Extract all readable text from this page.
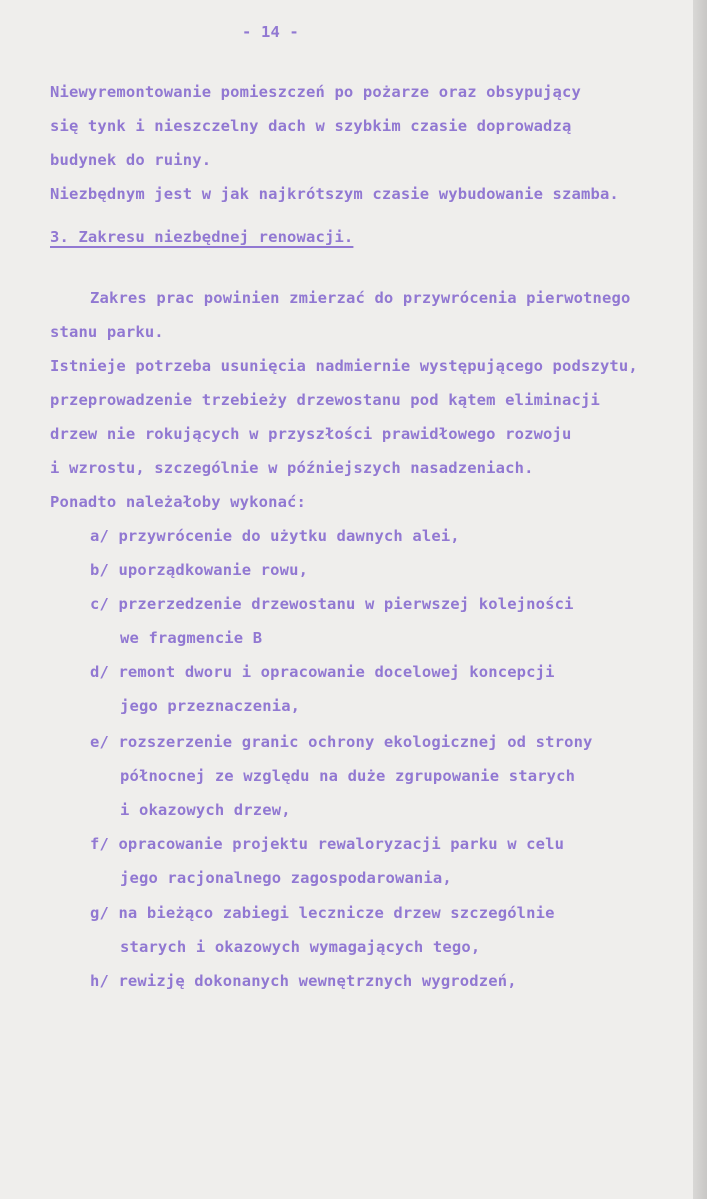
- 14 -
Niewyremontowanie pomieszczeń po pożarze oraz obsypujący
się tynk i nieszczelny dach w szybkim czasie doprowadzą
budynek do ruiny.
Niezbędnym jest w jak najkrótszym czasie wybudowanie szamba.
3. Zakresu niezbędnej renowacji.
Zakres prac powinien zmierzać do przywrócenia pierwotnego
stanu parku.
Istnieje potrzeba usunięcia nadmiernie występującego podszytu,
przeprowadzenie trzebieży drzewostanu pod kątem eliminacji
drzew nie rokujących w przyszłości prawidłowego rozwoju
i wzrostu, szczególnie w późniejszych nasadzeniach.
Ponadto należałoby wykonać:
a/ przywrócenie do użytku dawnych alei,
b/ uporządkowanie rowu,
c/ przerzedzenie drzewostanu w pierwszej kolejności
we fragmencie B
d/ remont dworu i opracowanie docelowej koncepcji
jego przeznaczenia,
e/ rozszerzenie granic ochrony ekologicznej od strony
północnej ze względu na duże zgrupowanie starych
i okazowych drzew,
f/ opracowanie projektu rewaloryzacji parku w celu
jego racjonalnego zagospodarowania,
g/ na bieżąco zabiegi lecznicze drzew szczególnie
starych i okazowych wymagających tego,
h/ rewizję dokonanych wewnętrznych wygrodzeń,
